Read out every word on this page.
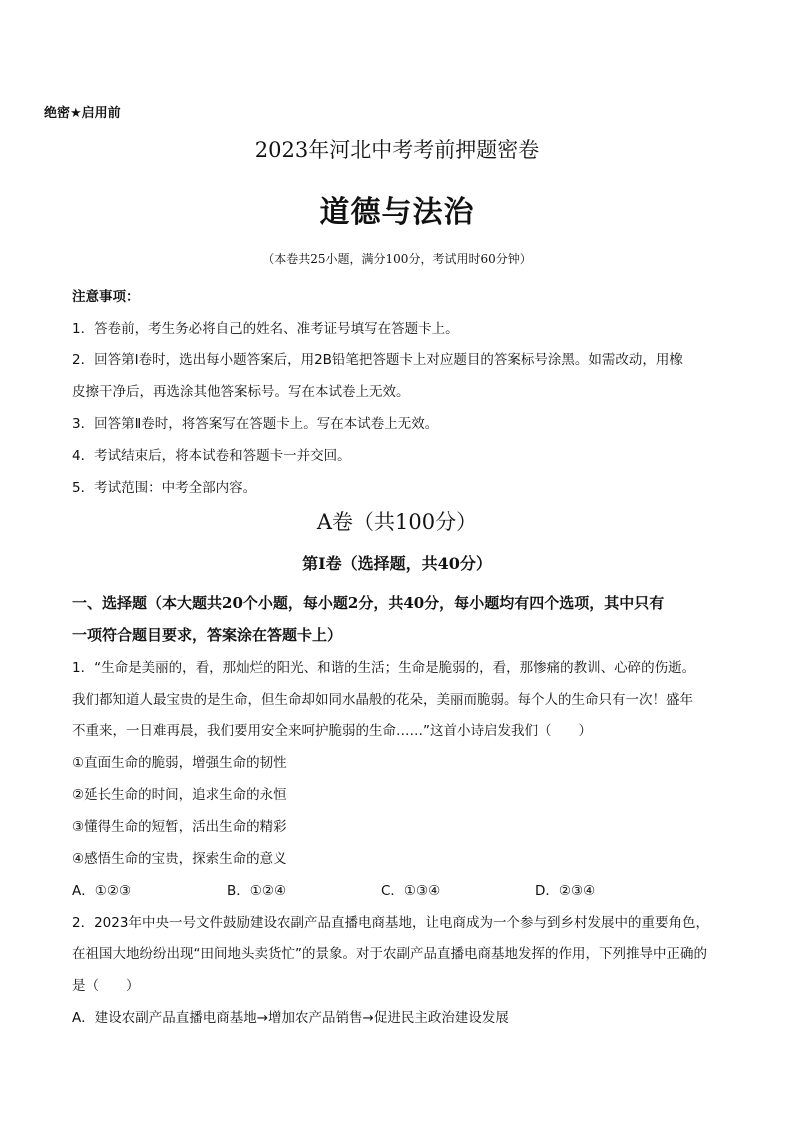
绝密★启用前
2023年河北中考考前押题密卷
道德与法治
（本卷共25小题，满分100分，考试用时60分钟）
注意事项：
1．答卷前，考生务必将自己的姓名、准考证号填写在答题卡上。
2．回答第Ⅰ卷时，选出每小题答案后，用2B铅笔把答题卡上对应题目的答案标号涂黑。如需改动，用橡
皮擦干净后，再选涂其他答案标号。写在本试卷上无效。
3．回答第Ⅱ卷时，将答案写在答题卡上。写在本试卷上无效。
4．考试结束后，将本试卷和答题卡一并交回。
5．考试范围：中考全部内容。
A卷（共100分）
第Ⅰ卷（选择题，共40分）
一、选择题（本大题共20个小题，每小题2分，共40分，每小题均有四个选项，其中只有
一项符合题目要求，答案涂在答题卡上）
1．“生命是美丽的，看，那灿烂的阳光、和谐的生活；生命是脆弱的，看，那惨痛的教训、心碎的伤逝。
我们都知道人最宝贵的是生命，但生命却如同水晶般的花朵，美丽而脆弱。每个人的生命只有一次！盛年
不重来，一日难再晨，我们要用安全来呵护脆弱的生命……”这首小诗启发我们（　　）
①直面生命的脆弱，增强生命的韧性
②延长生命的时间，追求生命的永恒
③懂得生命的短暂，活出生命的精彩
④感悟生命的宝贵，探索生命的意义
A．①②③	B．①②④	C．①③④	D．②③④
2．2023年中央一号文件鼓励建设农副产品直播电商基地，让电商成为一个参与到乡村发展中的重要角色，
在祖国大地纷纷出现“田间地头卖货忙”的景象。对于农副产品直播电商基地发挥的作用，下列推导中正确的
是（　　）
A．建设农副产品直播电商基地→增加农产品销售→促进民主政治建设发展
